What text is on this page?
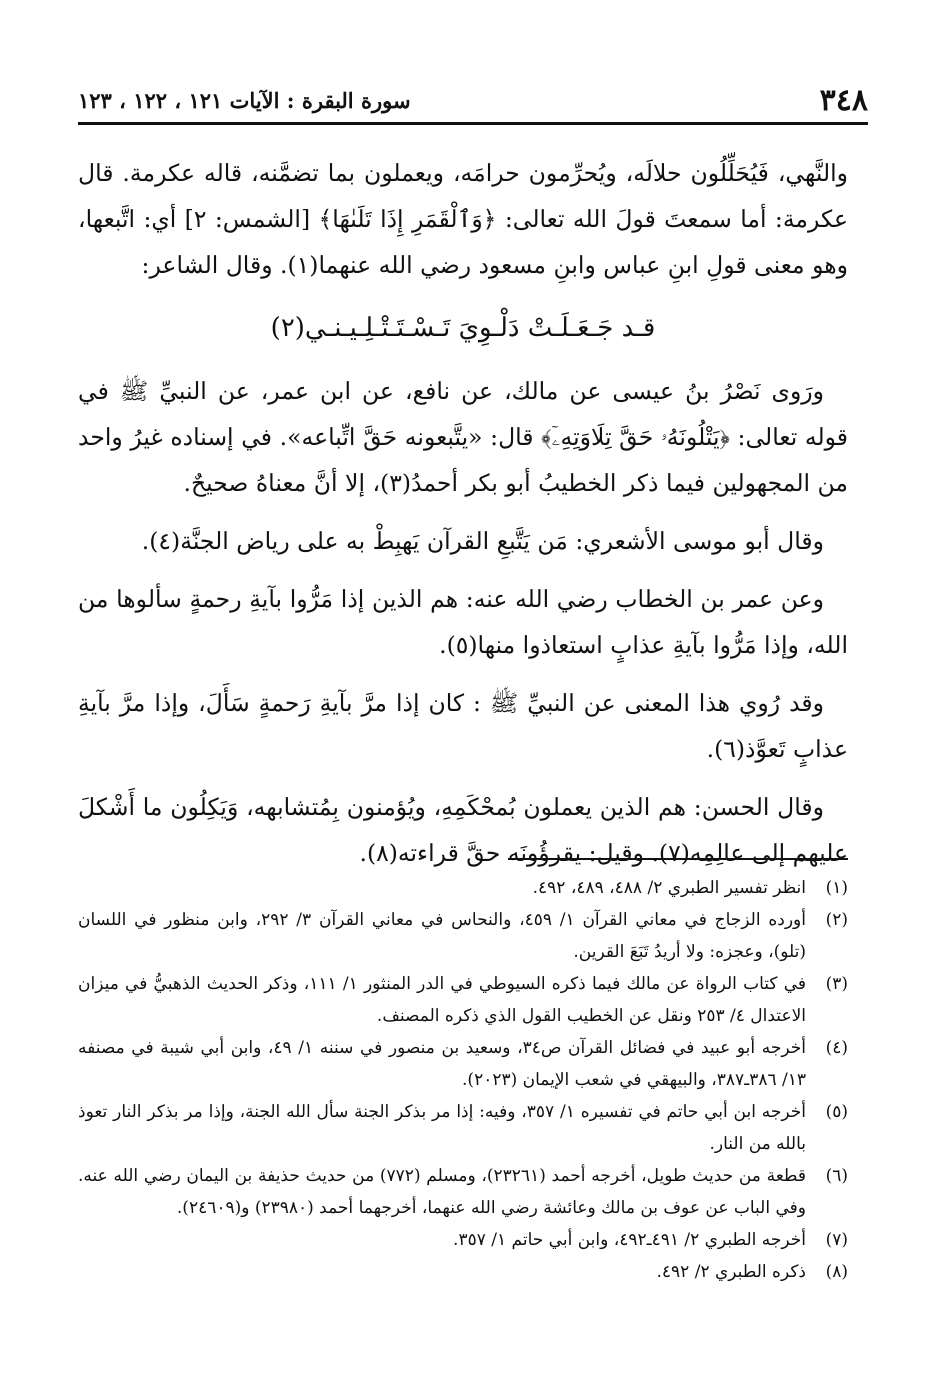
٣٤٨
سورة البقرة : الآيات ١٢١ ، ١٢٢ ، ١٢٣

والنَّهي، فَيُحَلِّلُون حلالَه، ويُحرِّمون حرامَه، ويعملون بما تضمَّنه، قاله عكرمة. قال عكرمة: أما سمعتَ قولَ الله تعالى: ﴿وَٱلْقَمَرِ إِذَا تَلَىٰهَا﴾ [الشمس: ٢] أي: اتَّبعها، وهو معنى قولِ ابنِ عباس وابنِ مسعود رضي الله عنهما(١). وقال الشاعر:

قـد جَـعَـلَـتْ دَلْـوِيَ تَـسْـتَـتْـلِـيـنـي(٢)

ورَوى نَصْرُ بنُ عيسى عن مالك، عن نافع، عن ابن عمر، عن النبيِّ ﷺ في قوله تعالى: ﴿يَتْلُونَهُۥ حَقَّ تِلَاوَتِهِۦٓ﴾ قال: «يتَّبعونه حَقَّ اتِّباعه». في إسناده غيرُ واحد من المجهولين فيما ذكر الخطيبُ أبو بكر أحمدُ(٣)، إلا أنَّ معناهُ صحيحٌ.

وقال أبو موسى الأشعري: مَن يَتَّبعِ القرآن يَهبِطْ به على رياض الجنَّة(٤).

وعن عمر بن الخطاب رضي الله عنه: هم الذين إذا مَرُّوا بآيةِ رحمةٍ سألوها من الله، وإذا مَرُّوا بآيةِ عذابٍ استعاذوا منها(٥).

وقد رُوي هذا المعنى عن النبيِّ ﷺ : كان إذا مرَّ بآيةِ رَحمةٍ سَأَلَ، وإذا مرَّ بآيةِ عذابٍ تَعوَّذ(٦).

وقال الحسن: هم الذين يعملون بُمحْكَمِهِ، ويُؤمنون بِمُتشابهه، وَيَكِلُون ما أَشْكلَ عليهم إلى عالِمِه(٧). وقيل: يقرؤُونَه حقَّ قراءته(٨).

(١)
انظر تفسير الطبري ٢/ ٤٨٨، ٤٨٩، ٤٩٢.
(٢)
أورده الزجاج في معاني القرآن ١/ ٤٥٩، والنحاس في معاني القرآن ٣/ ٢٩٢، وابن منظور في اللسان (تلو)، وعجزه: ولا أريدُ تَبَعَ القرين.
(٣)
في كتاب الرواة عن مالك فيما ذكره السيوطي في الدر المنثور ١/ ١١١، وذكر الحديث الذهبيُّ في ميزان الاعتدال ٤/ ٢٥٣ ونقل عن الخطيب القول الذي ذكره المصنف.
(٤)
أخرجه أبو عبيد في فضائل القرآن ص٣٤، وسعيد بن منصور في سننه ١/ ٤٩، وابن أبي شيبة في مصنفه ١٣/ ٣٨٦ـ٣٨٧، والبيهقي في شعب الإيمان (٢٠٢٣).
(٥)
أخرجه ابن أبي حاتم في تفسيره ١/ ٣٥٧، وفيه: إذا مر بذكر الجنة سأل الله الجنة، وإذا مر بذكر النار تعوذ بالله من النار.
(٦)
قطعة من حديث طويل، أخرجه أحمد (٢٣٢٦١)، ومسلم (٧٧٢) من حديث حذيفة بن اليمان رضي الله عنه. وفي الباب عن عوف بن مالك وعائشة رضي الله عنهما، أخرجهما أحمد (٢٣٩٨٠) و(٢٤٦٠٩).
(٧)
أخرجه الطبري ٢/ ٤٩١ـ٤٩٢، وابن أبي حاتم ١/ ٣٥٧.
(٨)
ذكره الطبري ٢/ ٤٩٢.
